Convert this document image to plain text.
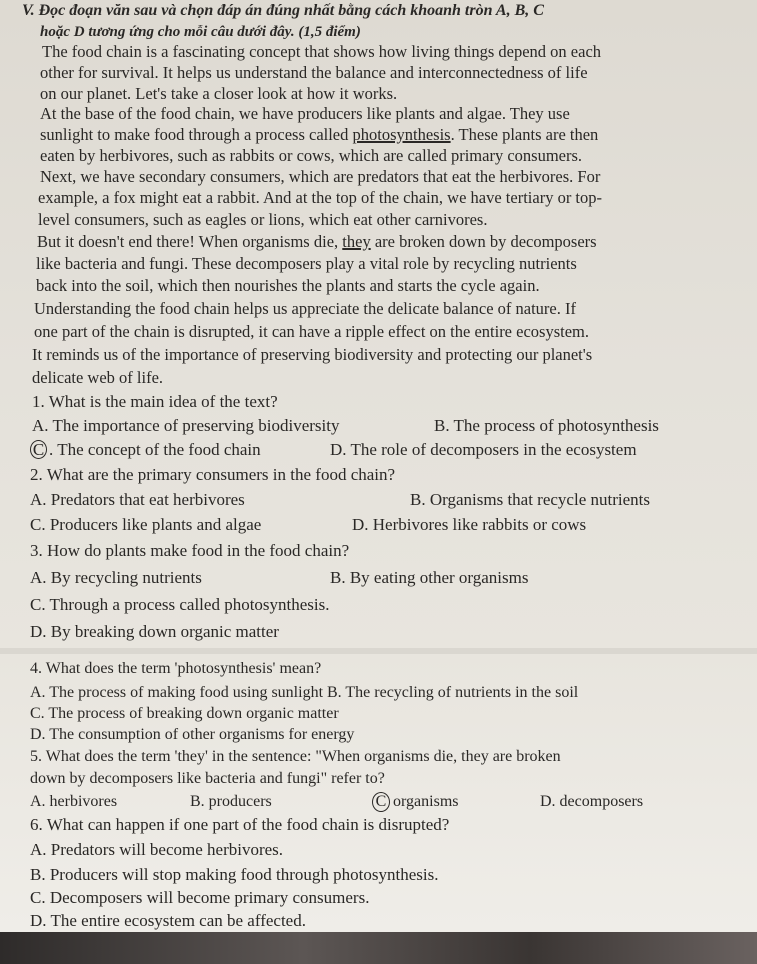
V. Đọc đoạn văn sau và chọn đáp án đúng nhất bằng cách khoanh tròn A, B, C
hoặc D tương ứng cho mỗi câu dưới đây. (1,5 điểm)
The food chain is a fascinating concept that shows how living things depend on each
other for survival. It helps us understand the balance and interconnectedness of life
on our planet. Let's take a closer look at how it works.
At the base of the food chain, we have producers like plants and algae. They use
sunlight to make food through a process called photosynthesis. These plants are then
eaten by herbivores, such as rabbits or cows, which are called primary consumers.
Next, we have secondary consumers, which are predators that eat the herbivores. For
example, a fox might eat a rabbit. And at the top of the chain, we have tertiary or top-
level consumers, such as eagles or lions, which eat other carnivores.
But it doesn't end there! When organisms die, they are broken down by decomposers
like bacteria and fungi. These decomposers play a vital role by recycling nutrients
back into the soil, which then nourishes the plants and starts the cycle again.
Understanding the food chain helps us appreciate the delicate balance of nature. If
one part of the chain is disrupted, it can have a ripple effect on the entire ecosystem.
It reminds us of the importance of preserving biodiversity and protecting our planet's
delicate web of life.
1. What is the main idea of the text?
A. The importance of preserving biodiversity	B. The process of photosynthesis
C . The concept of the food chain	D. The role of decomposers in the ecosystem
2. What are the primary consumers in the food chain?
A. Predators that eat herbivores	B. Organisms that recycle nutrients
C. Producers like plants and algae	D. Herbivores like rabbits or cows
3. How do plants make food in the food chain?
A. By recycling nutrients	B. By eating other organisms
C. Through a process called photosynthesis.
D. By breaking down organic matter
4. What does the term 'photosynthesis' mean?
A. The process of making food using sunlight B. The recycling of nutrients in the soil
C. The process of breaking down organic matter
D. The consumption of other organisms for energy
5. What does the term 'they' in the sentence: "When organisms die, they are broken
down by decomposers like bacteria and fungi" refer to?
A. herbivores	B. producers	C organisms	D. decomposers
6. What can happen if one part of the food chain is disrupted?
A. Predators will become herbivores.
B. Producers will stop making food through photosynthesis.
C. Decomposers will become primary consumers.
D. The entire ecosystem can be affected.
